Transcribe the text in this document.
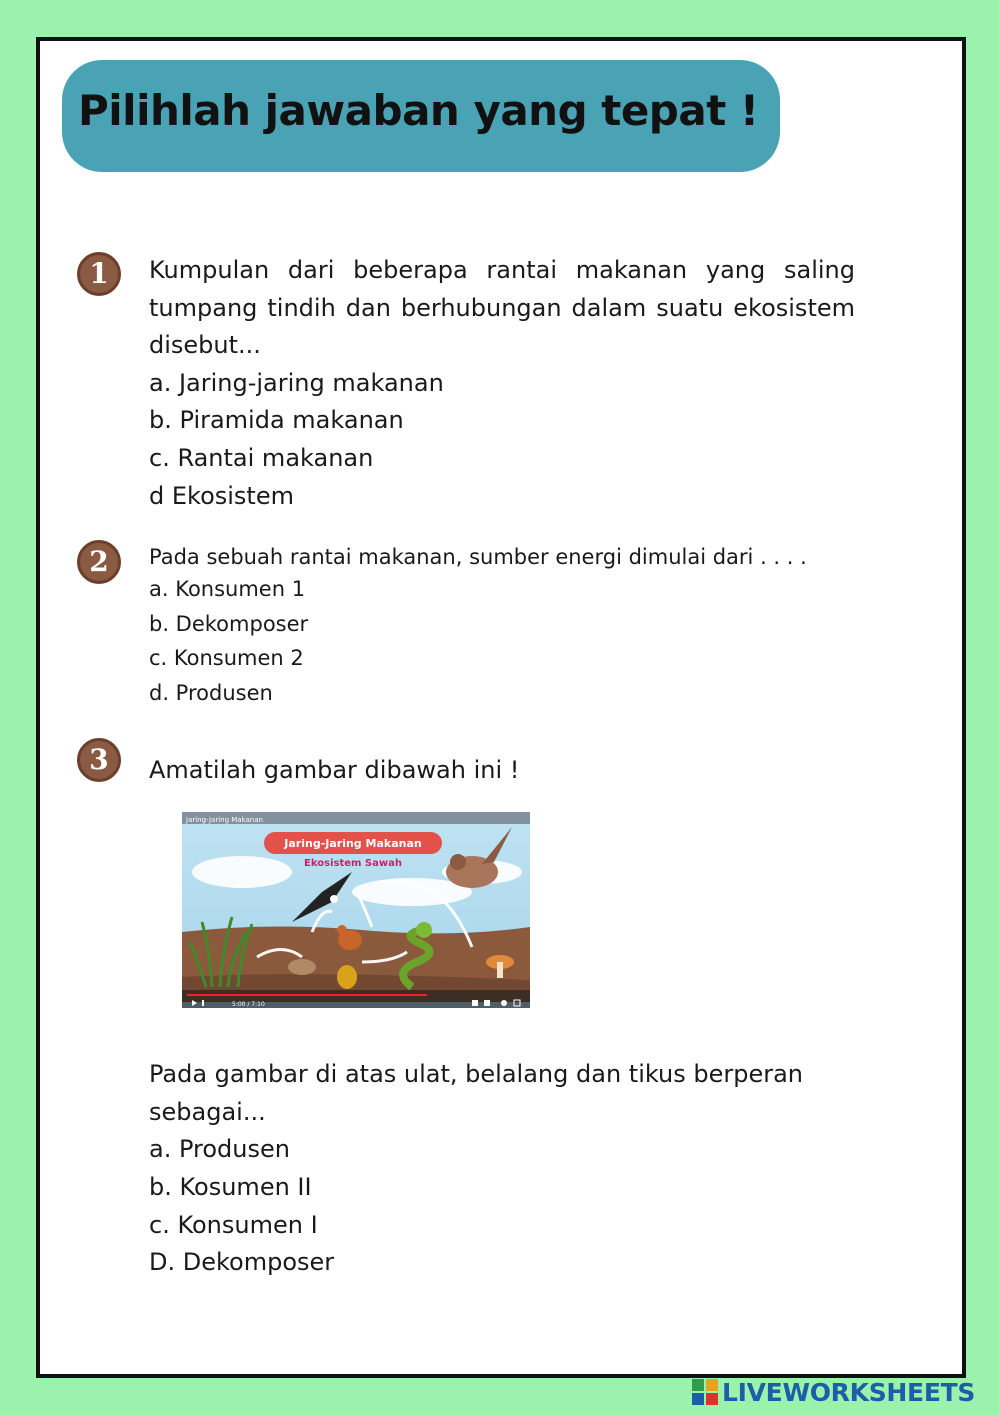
Pilihlah jawaban yang tepat !
1	Kumpulan dari beberapa rantai makanan yang saling tumpang tindih dan berhubungan dalam suatu ekosistem disebut...
a. Jaring-jaring makanan
b. Piramida makanan
c. Rantai makanan
d Ekosistem
2	Pada sebuah rantai makanan, sumber energi dimulai dari . . . .
a. Konsumen 1
b. Dekomposer
c. Konsumen 2
d. Produsen
3	Amatilah gambar dibawah ini !
Jaring-Jaring Makanan
Jaring-Jaring Makanan
Ekosistem Sawah
5:00 / 7:10
Pada gambar di atas ulat, belalang dan tikus berperan sebagai...
a. Produsen
b. Kosumen II
c. Konsumen I
D. Dekomposer
LIVEWORKSHEETS
